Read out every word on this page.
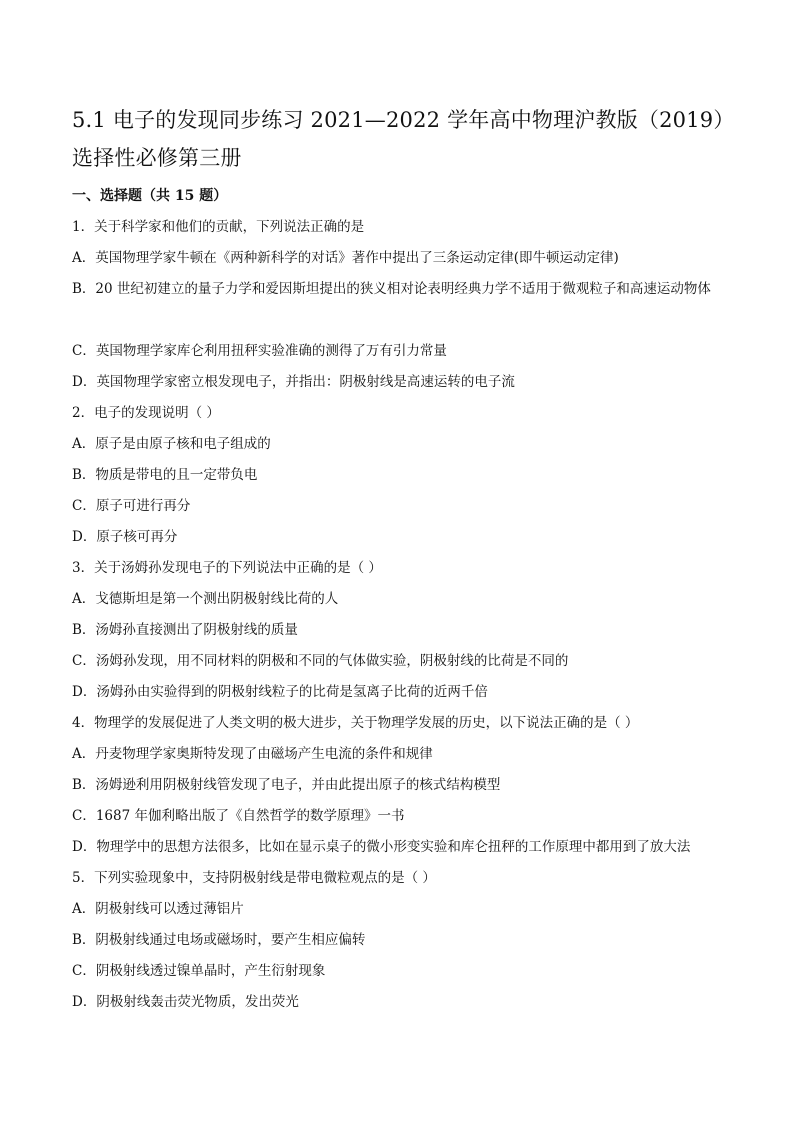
5.1 电子的发现同步练习 2021—2022 学年高中物理沪教版（2019）选择性必修第三册
一、选择题（共 15 题）
1．关于科学家和他们的贡献，下列说法正确的是
A．英国物理学家牛顿在《两种新科学的对话》著作中提出了三条运动定律(即牛顿运动定律)
B．20 世纪初建立的量子力学和爱因斯坦提出的狭义相对论表明经典力学不适用于微观粒子和高速运动物体
C．英国物理学家库仑利用扭秤实验准确的测得了万有引力常量
D．英国物理学家密立根发现电子，并指出：阴极射线是高速运转的电子流
2．电子的发现说明（ ）
A．原子是由原子核和电子组成的
B．物质是带电的且一定带负电
C．原子可进行再分
D．原子核可再分
3．关于汤姆孙发现电子的下列说法中正确的是（ ）
A．戈德斯坦是第一个测出阴极射线比荷的人
B．汤姆孙直接测出了阴极射线的质量
C．汤姆孙发现，用不同材料的阴极和不同的气体做实验，阴极射线的比荷是不同的
D．汤姆孙由实验得到的阴极射线粒子的比荷是氢离子比荷的近两千倍
4．物理学的发展促进了人类文明的极大进步，关于物理学发展的历史，以下说法正确的是（ ）
A．丹麦物理学家奥斯特发现了由磁场产生电流的条件和规律
B．汤姆逊利用阴极射线管发现了电子，并由此提出原子的核式结构模型
C．1687 年伽利略出版了《自然哲学的数学原理》一书
D．物理学中的思想方法很多，比如在显示桌子的微小形变实验和库仑扭秤的工作原理中都用到了放大法
5．下列实验现象中，支持阴极射线是带电微粒观点的是（ ）
A．阴极射线可以透过薄铝片
B．阴极射线通过电场或磁场时，要产生相应偏转
C．阴极射线透过镍单晶时，产生衍射现象
D．阴极射线轰击荧光物质，发出荧光
